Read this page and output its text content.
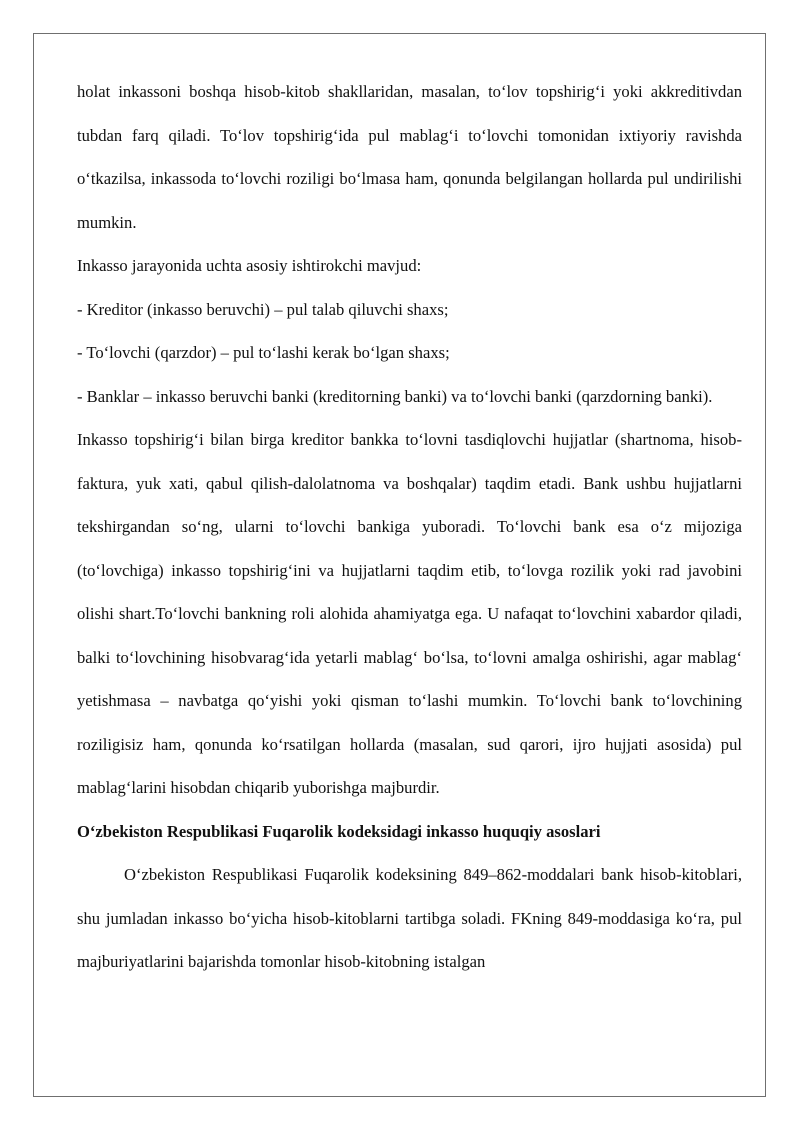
holat inkassoni boshqa hisob-kitob shakllaridan, masalan, to‘lov topshirig‘i yoki akkreditivdan tubdan farq qiladi. To‘lov topshirig‘ida pul mablag‘i to‘lovchi tomonidan ixtiyoriy ravishda o‘tkazilsa, inkassoda to‘lovchi roziligi bo‘lmasa ham, qonunda belgilangan hollarda pul undirilishi mumkin.

Inkasso jarayonida uchta asosiy ishtirokchi mavjud:

- Kreditor (inkasso beruvchi) – pul talab qiluvchi shaxs;

- To‘lovchi (qarzdor) – pul to‘lashi kerak bo‘lgan shaxs;

- Banklar – inkasso beruvchi banki (kreditorning banki) va to‘lovchi banki (qarzdorning banki).

Inkasso topshirig‘i bilan birga kreditor bankka to‘lovni tasdiqlovchi hujjatlar (shartnoma, hisob-faktura, yuk xati, qabul qilish-dalolatnoma va boshqalar) taqdim etadi. Bank ushbu hujjatlarni tekshirgandan so‘ng, ularni to‘lovchi bankiga yuboradi. To‘lovchi bank esa o‘z mijoziga (to‘lovchiga) inkasso topshirig‘ini va hujjatlarni taqdim etib, to‘lovga rozilik yoki rad javobini olishi shart.To‘lovchi bankning roli alohida ahamiyatga ega. U nafaqat to‘lovchini xabardor qiladi, balki to‘lovchining hisobvarag‘ida yetarli mablag‘ bo‘lsa, to‘lovni amalga oshirishi, agar mablag‘ yetishmasa – navbatga qo‘yishi yoki qisman to‘lashi mumkin. To‘lovchi bank to‘lovchining roziligisiz ham, qonunda ko‘rsatilgan hollarda (masalan, sud qarori, ijro hujjati asosida) pul mablag‘larini hisobdan chiqarib yuborishga majburdir.

O‘zbekiston Respublikasi Fuqarolik kodeksidagi inkasso huquqiy asoslari

O‘zbekiston Respublikasi Fuqarolik kodeksining 849–862-moddalari bank hisob-kitoblari, shu jumladan inkasso bo‘yicha hisob-kitoblarni tartibga soladi. FKning 849-moddasiga ko‘ra, pul majburiyatlarini bajarishda tomonlar hisob-kitobning istalgan
